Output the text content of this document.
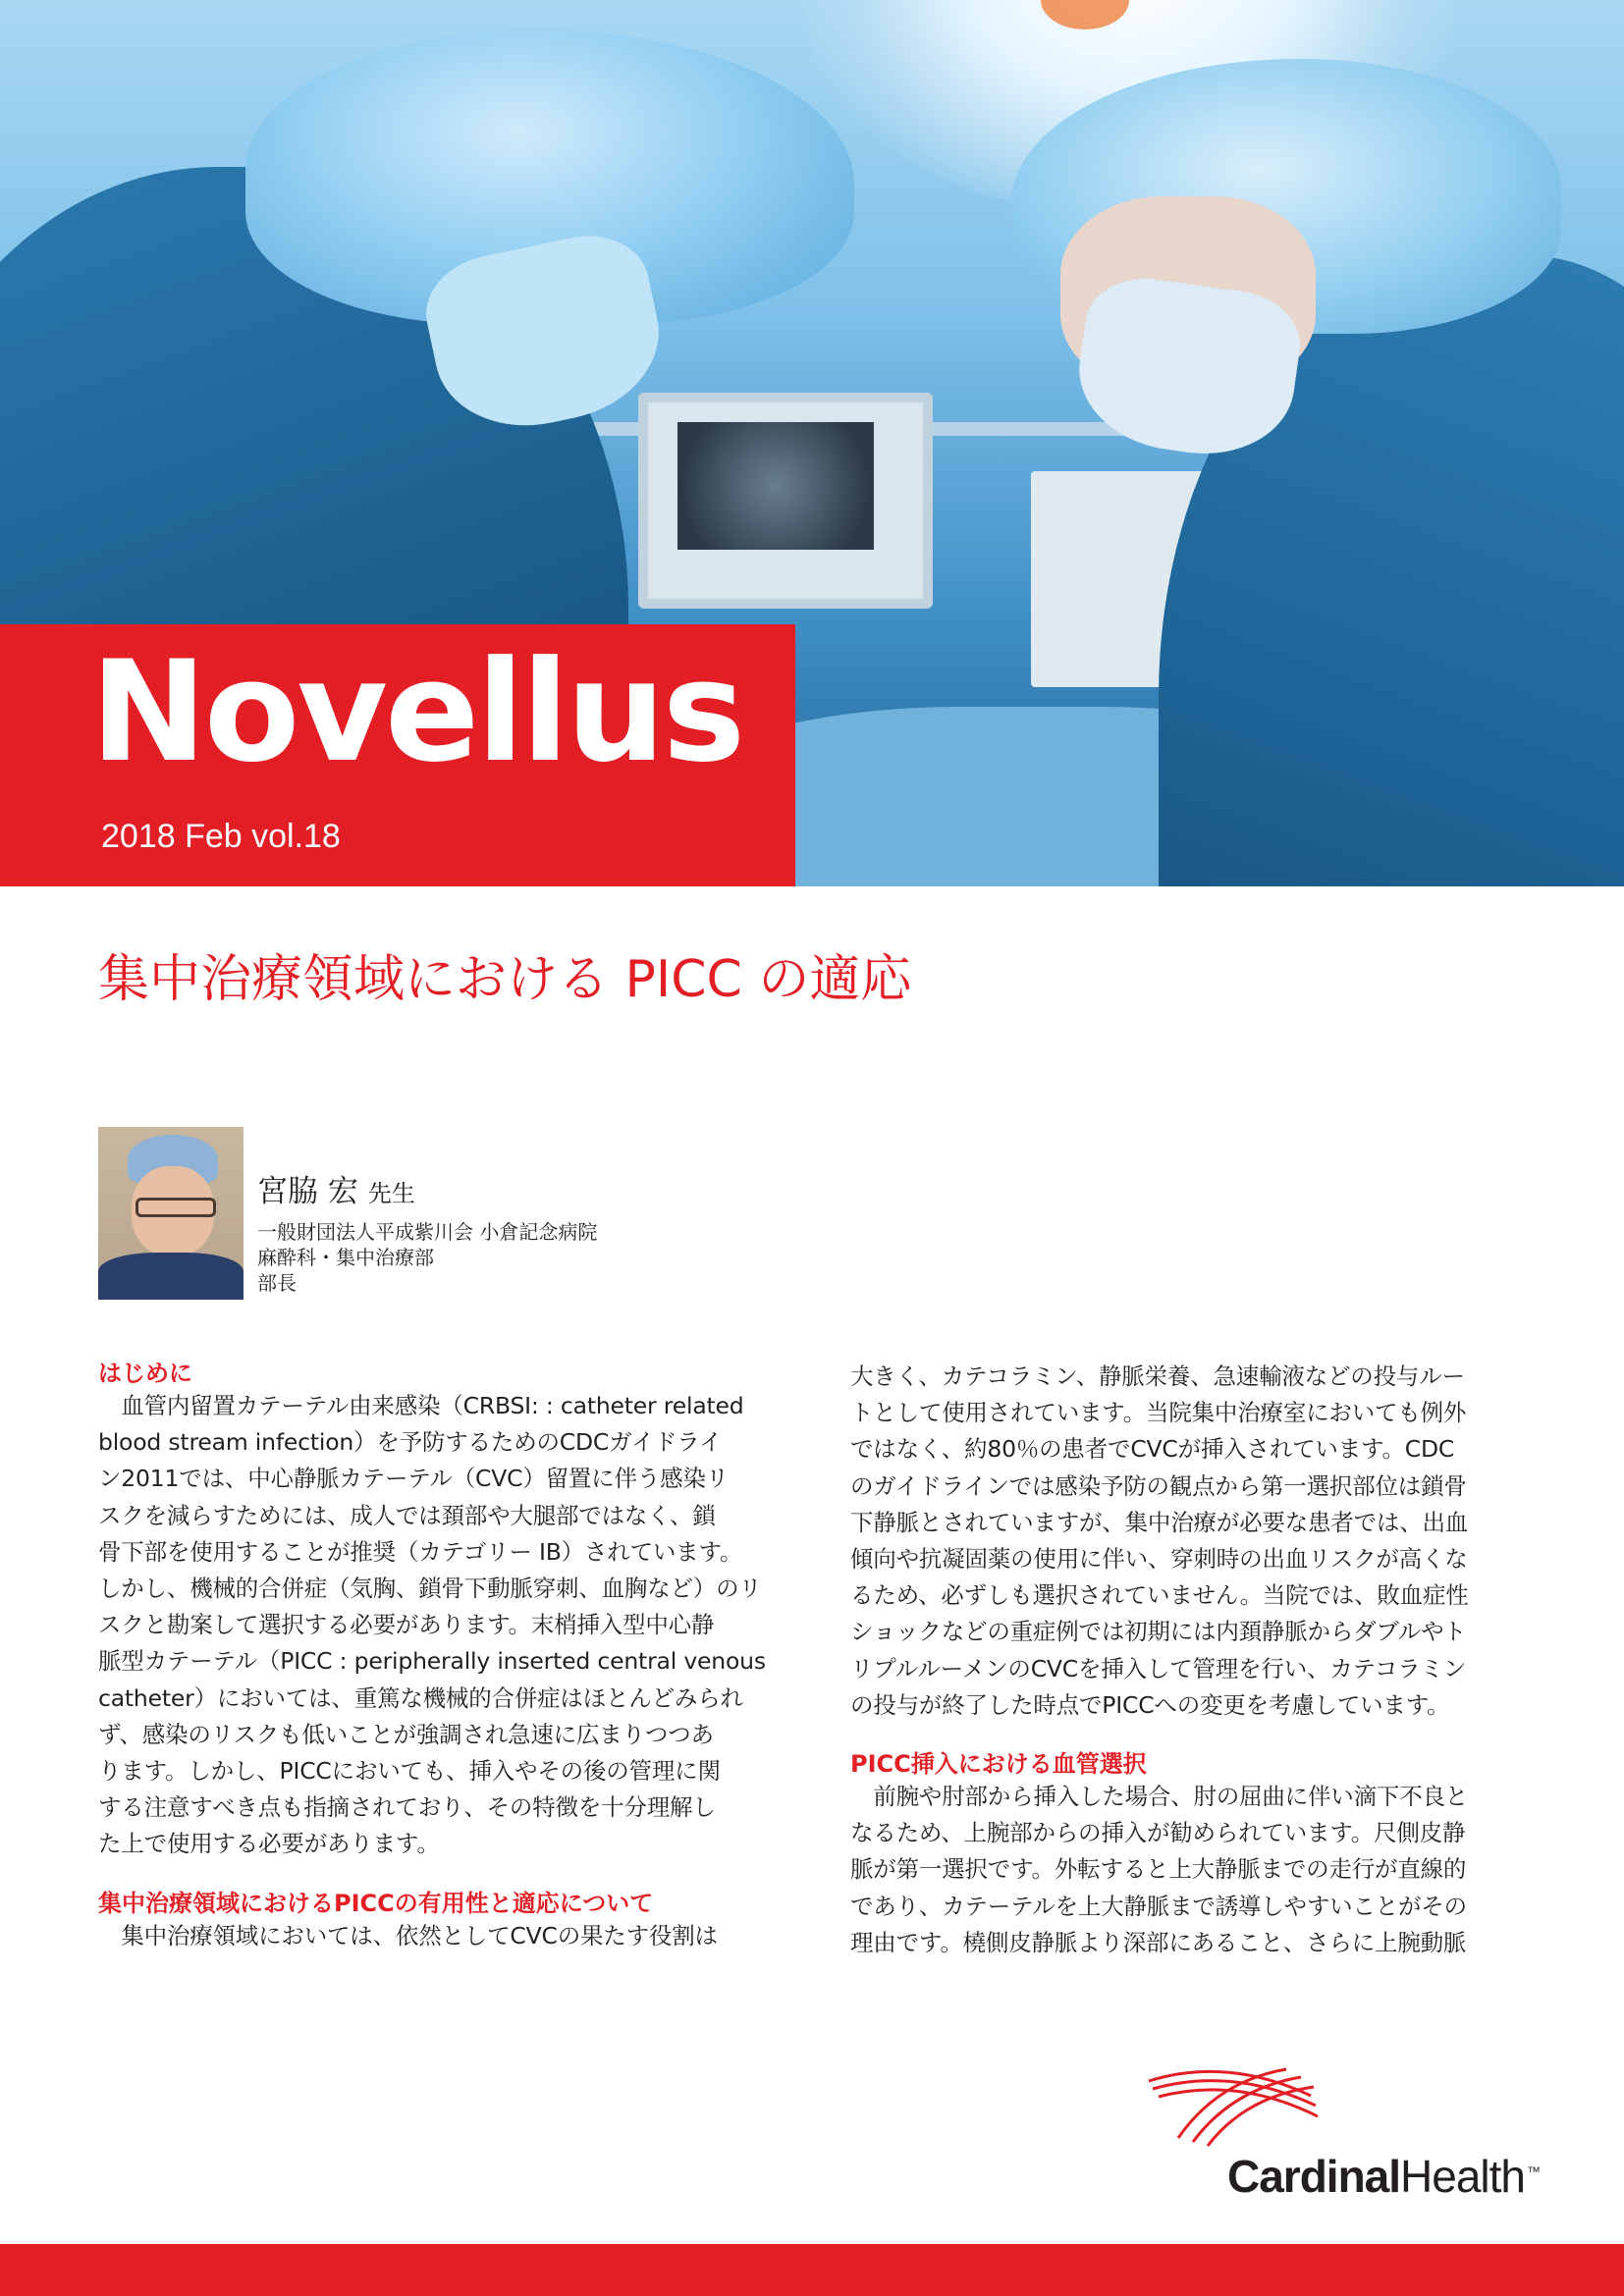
Novellus

2018 Feb vol.18

集中治療領域における PICC の適応

宮脇 宏 先生

一般財団法人平成紫川会 小倉記念病院
麻酔科・集中治療部
部長

はじめに
　血管内留置カテーテル由来感染（CRBSI: : catheter related
blood stream infection）を予防するためのCDCガイドライ
ン2011では、中心静脈カテーテル（CVC）留置に伴う感染リ
スクを減らすためには、成人では頚部や大腿部ではなく、鎖
骨下部を使用することが推奨（カテゴリー IB）されています。
しかし、機械的合併症（気胸、鎖骨下動脈穿刺、血胸など）のリ
スクと勘案して選択する必要があります。末梢挿入型中心静
脈型カテーテル（PICC : peripherally inserted central venous
catheter）においては、重篤な機械的合併症はほとんどみられ
ず、感染のリスクも低いことが強調され急速に広まりつつあ
ります。しかし、PICCにおいても、挿入やその後の管理に関
する注意すべき点も指摘されており、その特徴を十分理解し
た上で使用する必要があります。
集中治療領域におけるPICCの有用性と適応について
　集中治療領域においては、依然としてCVCの果たす役割は
大きく、カテコラミン、静脈栄養、急速輸液などの投与ルー
トとして使用されています。当院集中治療室においても例外
ではなく、約80％の患者でCVCが挿入されています。CDC
のガイドラインでは感染予防の観点から第一選択部位は鎖骨
下静脈とされていますが、集中治療が必要な患者では、出血
傾向や抗凝固薬の使用に伴い、穿刺時の出血リスクが高くな
るため、必ずしも選択されていません。当院では、敗血症性
ショックなどの重症例では初期には内頚静脈からダブルやト
リプルルーメンのCVCを挿入して管理を行い、カテコラミン
の投与が終了した時点でPICCへの変更を考慮しています。
PICC挿入における血管選択
　前腕や肘部から挿入した場合、肘の屈曲に伴い滴下不良と
なるため、上腕部からの挿入が勧められています。尺側皮静
脈が第一選択です。外転すると上大静脈までの走行が直線的
であり、カテーテルを上大静脈まで誘導しやすいことがその
理由です。橈側皮静脈より深部にあること、さらに上腕動脈

CardinalHealth ™
